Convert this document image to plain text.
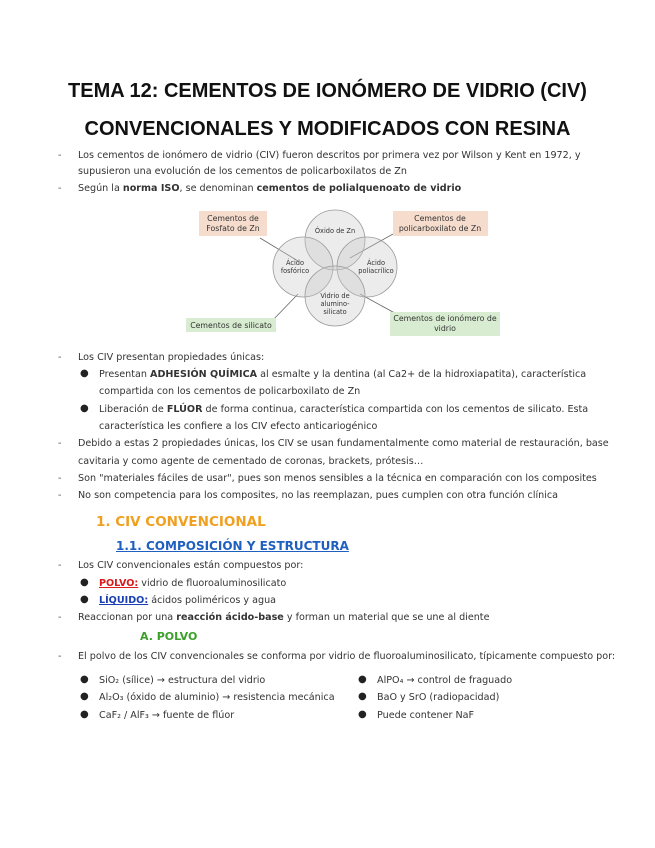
TEMA 12: CEMENTOS DE IONÓMERO DE VIDRIO (CIV)
CONVENCIONALES Y MODIFICADOS CON RESINA
- Los cementos de ionómero de vidrio (CIV) fueron descritos por primera vez por Wilson y Kent en 1972, y
supusieron una evolución de los cementos de policarboxilatos de Zn
- Según la norma ISO, se denominan cementos de polialquenoato de vidrio
Cementos de
Fosfato de Zn
Cementos de
policarboxilato de Zn
Cementos de silicato
Cementos de ionómero de
vidrio
Óxido de Zn
Ácido
fosfórico
Ácido
poliacrílico
Vidrio de
alumino-
silicato
- Los CIV presentan propiedades únicas:
● Presentan ADHESIÓN QUÍMICA al esmalte y la dentina (al Ca2+ de la hidroxiapatita), característica
compartida con los cementos de policarboxilato de Zn
● Liberación de FLÚOR de forma continua, característica compartida con los cementos de silicato. Esta
característica les confiere a los CIV efecto anticariogénico
- Debido a estas 2 propiedades únicas, los CIV se usan fundamentalmente como material de restauración, base
cavitaria y como agente de cementado de coronas, brackets, prótesis…
- Son "materiales fáciles de usar", pues son menos sensibles a la técnica en comparación con los composites
- No son competencia para los composites, no las reemplazan, pues cumplen con otra función clínica
1. CIV CONVENCIONAL
1.1. COMPOSICIÓN Y ESTRUCTURA
- Los CIV convencionales están compuestos por:
● POLVO: vidrio de fluoroaluminosilicato
● LÍQUIDO: ácidos poliméricos y agua
- Reaccionan por una reacción ácido-base y forman un material que se une al diente
A. POLVO
- El polvo de los CIV convencionales se conforma por vidrio de fluoroaluminosilicato, típicamente compuesto por:
● SiO₂ (sílice) → estructura del vidrio
● Al₂O₃ (óxido de aluminio) → resistencia mecánica
● CaF₂ / AlF₃ → fuente de flúor
● AlPO₄ → control de fraguado
● BaO y SrO (radiopacidad)
● Puede contener NaF
